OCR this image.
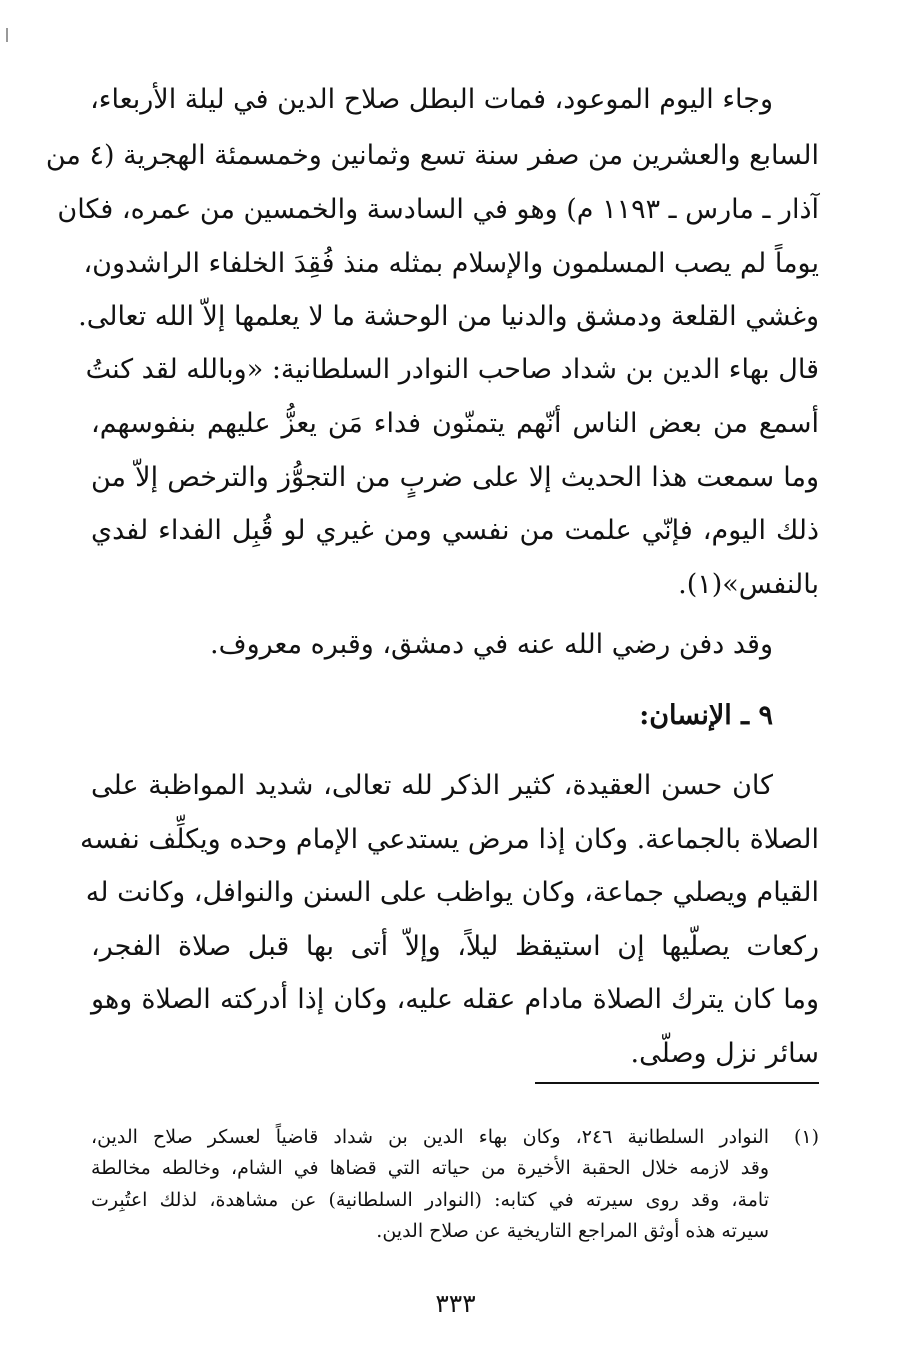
وجاء اليوم الموعود، فمات البطل صلاح الدين في ليلة الأربعاء،
السابع والعشرين من صفر سنة تسع وثمانين وخمسمئة الهجرية (٤ من
آذار ـ مارس ـ ١١٩٣ م) وهو في السادسة والخمسين من عمره، فكان
يوماً لم يصب المسلمون والإسلام بمثله منذ فُقِدَ الخلفاء الراشدون،
وغشي القلعة ودمشق والدنيا من الوحشة ما لا يعلمها إلاّ الله تعالى.
قال بهاء الدين بن شداد صاحب النوادر السلطانية: «وبالله لقد كنتُ
أسمع من بعض الناس أنّهم يتمنّون فداء مَن يعزُّ عليهم بنفوسهم،
وما سمعت هذا الحديث إلا على ضربٍ من التجوُّز والترخص إلاّ من
ذلك اليوم، فإنّي علمت من نفسي ومن غيري لو قُبِل الفداء لفدي
بالنفس»(١).
وقد دفن رضي الله عنه في دمشق، وقبره معروف.
٩ ـ الإنسان:
كان حسن العقيدة، كثير الذكر لله تعالى، شديد المواظبة على
الصلاة بالجماعة. وكان إذا مرض يستدعي الإمام وحده ويكلِّف نفسه
القيام ويصلي جماعة، وكان يواظب على السنن والنوافل، وكانت له
ركعات يصلّيها إن استيقظ ليلاً، وإلاّ أتى بها قبل صلاة الفجر،
وما كان يترك الصلاة مادام عقله عليه، وكان إذا أدركته الصلاة وهو
سائر نزل وصلّى.
(١)
النوادر السلطانية ٢٤٦، وكان بهاء الدين بن شداد قاضياً لعسكر صلاح الدين،
وقد لازمه خلال الحقبة الأخيرة من حياته التي قضاها في الشام، وخالطه مخالطة
تامة، وقد روى سيرته في كتابه: (النوادر السلطانية) عن مشاهدة، لذلك اعتُبِرت
سيرته هذه أوثق المراجع التاريخية عن صلاح الدين.
٣٣٣
